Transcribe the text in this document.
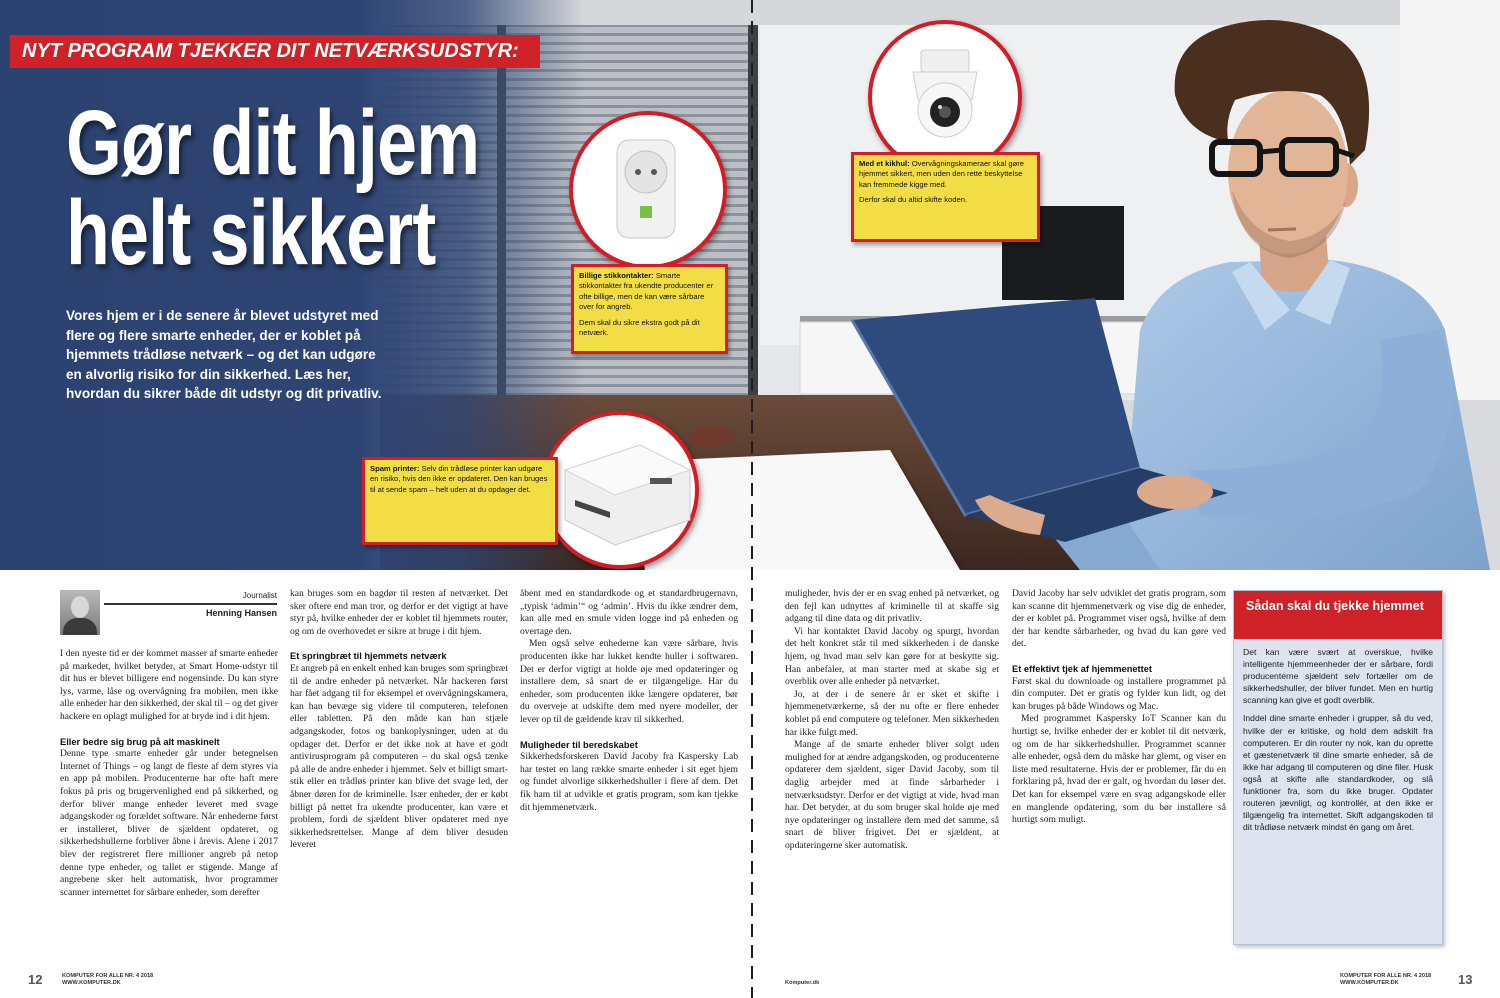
NYT PROGRAM TJEKKER DIT NETVÆRKSUDSTYR:
Gør dit hjem
helt sikkert
Vores hjem er i de senere år blevet udstyret med flere og flere smarte enheder, der er koblet på hjemmets trådløse netværk – og det kan udgøre en alvorlig risiko for din sikkerhed. Læs her, hvordan du sikrer både dit udstyr og dit privatliv.

Billige stikkontakter: Smarte stikkontakter fra ukendte producenter er ofte billige, men de kan være sårbare over for angreb.

Dem skal du sikre ekstra godt på dit netværk.

Med et kikhul: Overvågningskameraer skal gøre hjemmet sikkert, men uden den rette beskyttelse kan fremmede kigge med.

Derfor skal du altid skifte koden.

Spam printer: Selv din trådløse printer kan udgøre en risiko, hvis den ikke er opdateret. Den kan bruges til at sende spam – helt uden at du opdager det.

Journalist
Henning Hansen

I den nyeste tid er der kommet masser af smarte enheder på markedet, hvilket betyder, at Smart Home-udstyr til dit hus er blevet billigere end nogensinde. Du kan styre lys, varme, låse og overvågning fra mobilen, men ikke alle enheder har den sikkerhed, der skal til – og det giver hackere en oplagt mulighed for at bryde ind i dit hjem.

Eller bedre sig brug på alt maskinelt

Denne type smarte enheder går under betegnelsen Internet of Things – og langt de fleste af dem styres via en app på mobilen. Producenterne har ofte haft mere fokus på pris og brugervenlighed end på sikkerhed, og derfor bliver mange enheder leveret med svage adgangskoder og forældet software. Når enhederne først er installeret, bliver de sjældent opdateret, og sikkerhedshullerne forbliver åbne i årevis. Alene i 2017 blev der registreret flere millioner angreb på netop denne type enheder, og tallet er stigende. Mange af angrebene sker helt automatisk, hvor programmer scanner internettet for sårbare enheder, som derefter

kan bruges som en bagdør til resten af netværket. Det sker oftere end man tror, og derfor er det vigtigt at have styr på, hvilke enheder der er koblet til hjemmets router, og om de overhovedet er sikre at bruge i dit hjem.

Et springbræt til hjemmets netværk

Et angreb på en enkelt enhed kan bruges som springbræt til de andre enheder på netværket. Når hackeren først har fået adgang til for eksempel et overvågningskamera, kan han bevæge sig videre til computeren, telefonen eller tabletten. På den måde kan han stjæle adgangskoder, fotos og bankoplysninger, uden at du opdager det. Derfor er det ikke nok at have et godt antivirusprogram på computeren – du skal også tænke på alle de andre enheder i hjemmet. Selv et billigt smart-stik eller en trådløs printer kan blive det svage led, der åbner døren for de kriminelle. Især enheder, der er købt billigt på nettet fra ukendte producenter, kan være et problem, fordi de sjældent bliver opdateret med nye sikkerhedsrettelser. Mange af dem bliver desuden leveret

åbent med en standardkode og et standardbrugernavn, „typisk ‘admin’“ og ‘admin’. Hvis du ikke ændrer dem, kan alle med en smule viden logge ind på enheden og overtage den.

Men også selve enhederne kan være sårbare, hvis producenten ikke har lukket kendte huller i softwaren. Det er derfor vigtigt at holde øje med opdateringer og installere dem, så snart de er tilgængelige. Har du enheder, som producenten ikke længere opdaterer, bør du overveje at udskifte dem med nyere modeller, der lever op til de gældende krav til sikkerhed.

Muligheder til beredskabet

Sikkerhedsforskeren David Jacoby fra Kaspersky Lab har testet en lang række smarte enheder i sit eget hjem og fundet alvorlige sikkerhedshuller i flere af dem. Det fik ham til at udvikle et gratis program, som kan tjekke dit hjemmenetværk.

muligheder, hvis der er en svag enhed på netværket, og den fejl kan udnyttes af kriminelle til at skaffe sig adgang til dine data og dit privatliv.

Vi har kontaktet David Jacoby og spurgt, hvordan det helt konkret står til med sikkerheden i de danske hjem, og hvad man selv kan gøre for at beskytte sig. Han anbefaler, at man starter med at skabe sig et overblik over alle enheder på netværket.

Jo, at der i de senere år er sket et skifte i hjemmenetværkerne, så der nu ofte er flere enheder koblet på end computere og telefoner. Men sikkerheden har ikke fulgt med.

Mange af de smarte enheder bliver solgt uden mulighed for at ændre adgangskoden, og producenterne opdaterer dem sjældent, siger David Jacoby, som til daglig arbejder med at finde sårbarheder i netværksudstyr. Derfor er det vigtigt at vide, hvad man har. Det betyder, at du som bruger skal holde øje med nye opdateringer og installere dem med det samme, så snart de bliver frigivet. Det er sjældent, at opdateringerne sker automatisk.

David Jacoby har selv udviklet det gratis program, som kan scanne dit hjemmenetværk og vise dig de enheder, der er koblet på. Programmet viser også, hvilke af dem der har kendte sårbarheder, og hvad du kan gøre ved det.

Et effektivt tjek af hjemmenettet

Først skal du downloade og installere programmet på din computer. Det er gratis og fylder kun lidt, og det kan bruges på både Windows og Mac.

Med programmet Kaspersky IoT Scanner kan du hurtigt se, hvilke enheder der er koblet til dit netværk, og om de har sikkerhedshuller. Programmet scanner alle enheder, også dem du måske har glemt, og viser en liste med resultaterne. Hvis der er problemer, får du en forklaring på, hvad der er galt, og hvordan du løser det. Det kan for eksempel være en svag adgangskode eller en manglende opdatering, som du bør installere så hurtigt som muligt.

Sådan skal du tjekke hjemmet

Det kan være svært at overskue, hvilke intelligente hjemmeenheder der er sårbare, fordi producenterne sjældent selv fortæller om de sikkerhedshuller, der bliver fundet. Men en hurtig scanning kan give et godt overblik.

Inddel dine smarte enheder i grupper, så du ved, hvilke der er kritiske, og hold dem adskilt fra computeren. Er din router ny nok, kan du oprette et gæstenetværk til dine smarte enheder, så de ikke har adgang til computeren og dine filer. Husk også at skifte alle standardkoder, og slå funktioner fra, som du ikke bruger. Opdater routeren jævnligt, og kontrollér, at den ikke er tilgængelig fra internettet. Skift adgangskoden til dit trådløse netværk mindst én gang om året.

12	13
KOMPUTER FOR ALLE NR. 4 2018
WWW.KOMPUTER.DK	Komputer.dk
KOMPUTER FOR ALLE NR. 4 2018
WWW.KOMPUTER.DK
